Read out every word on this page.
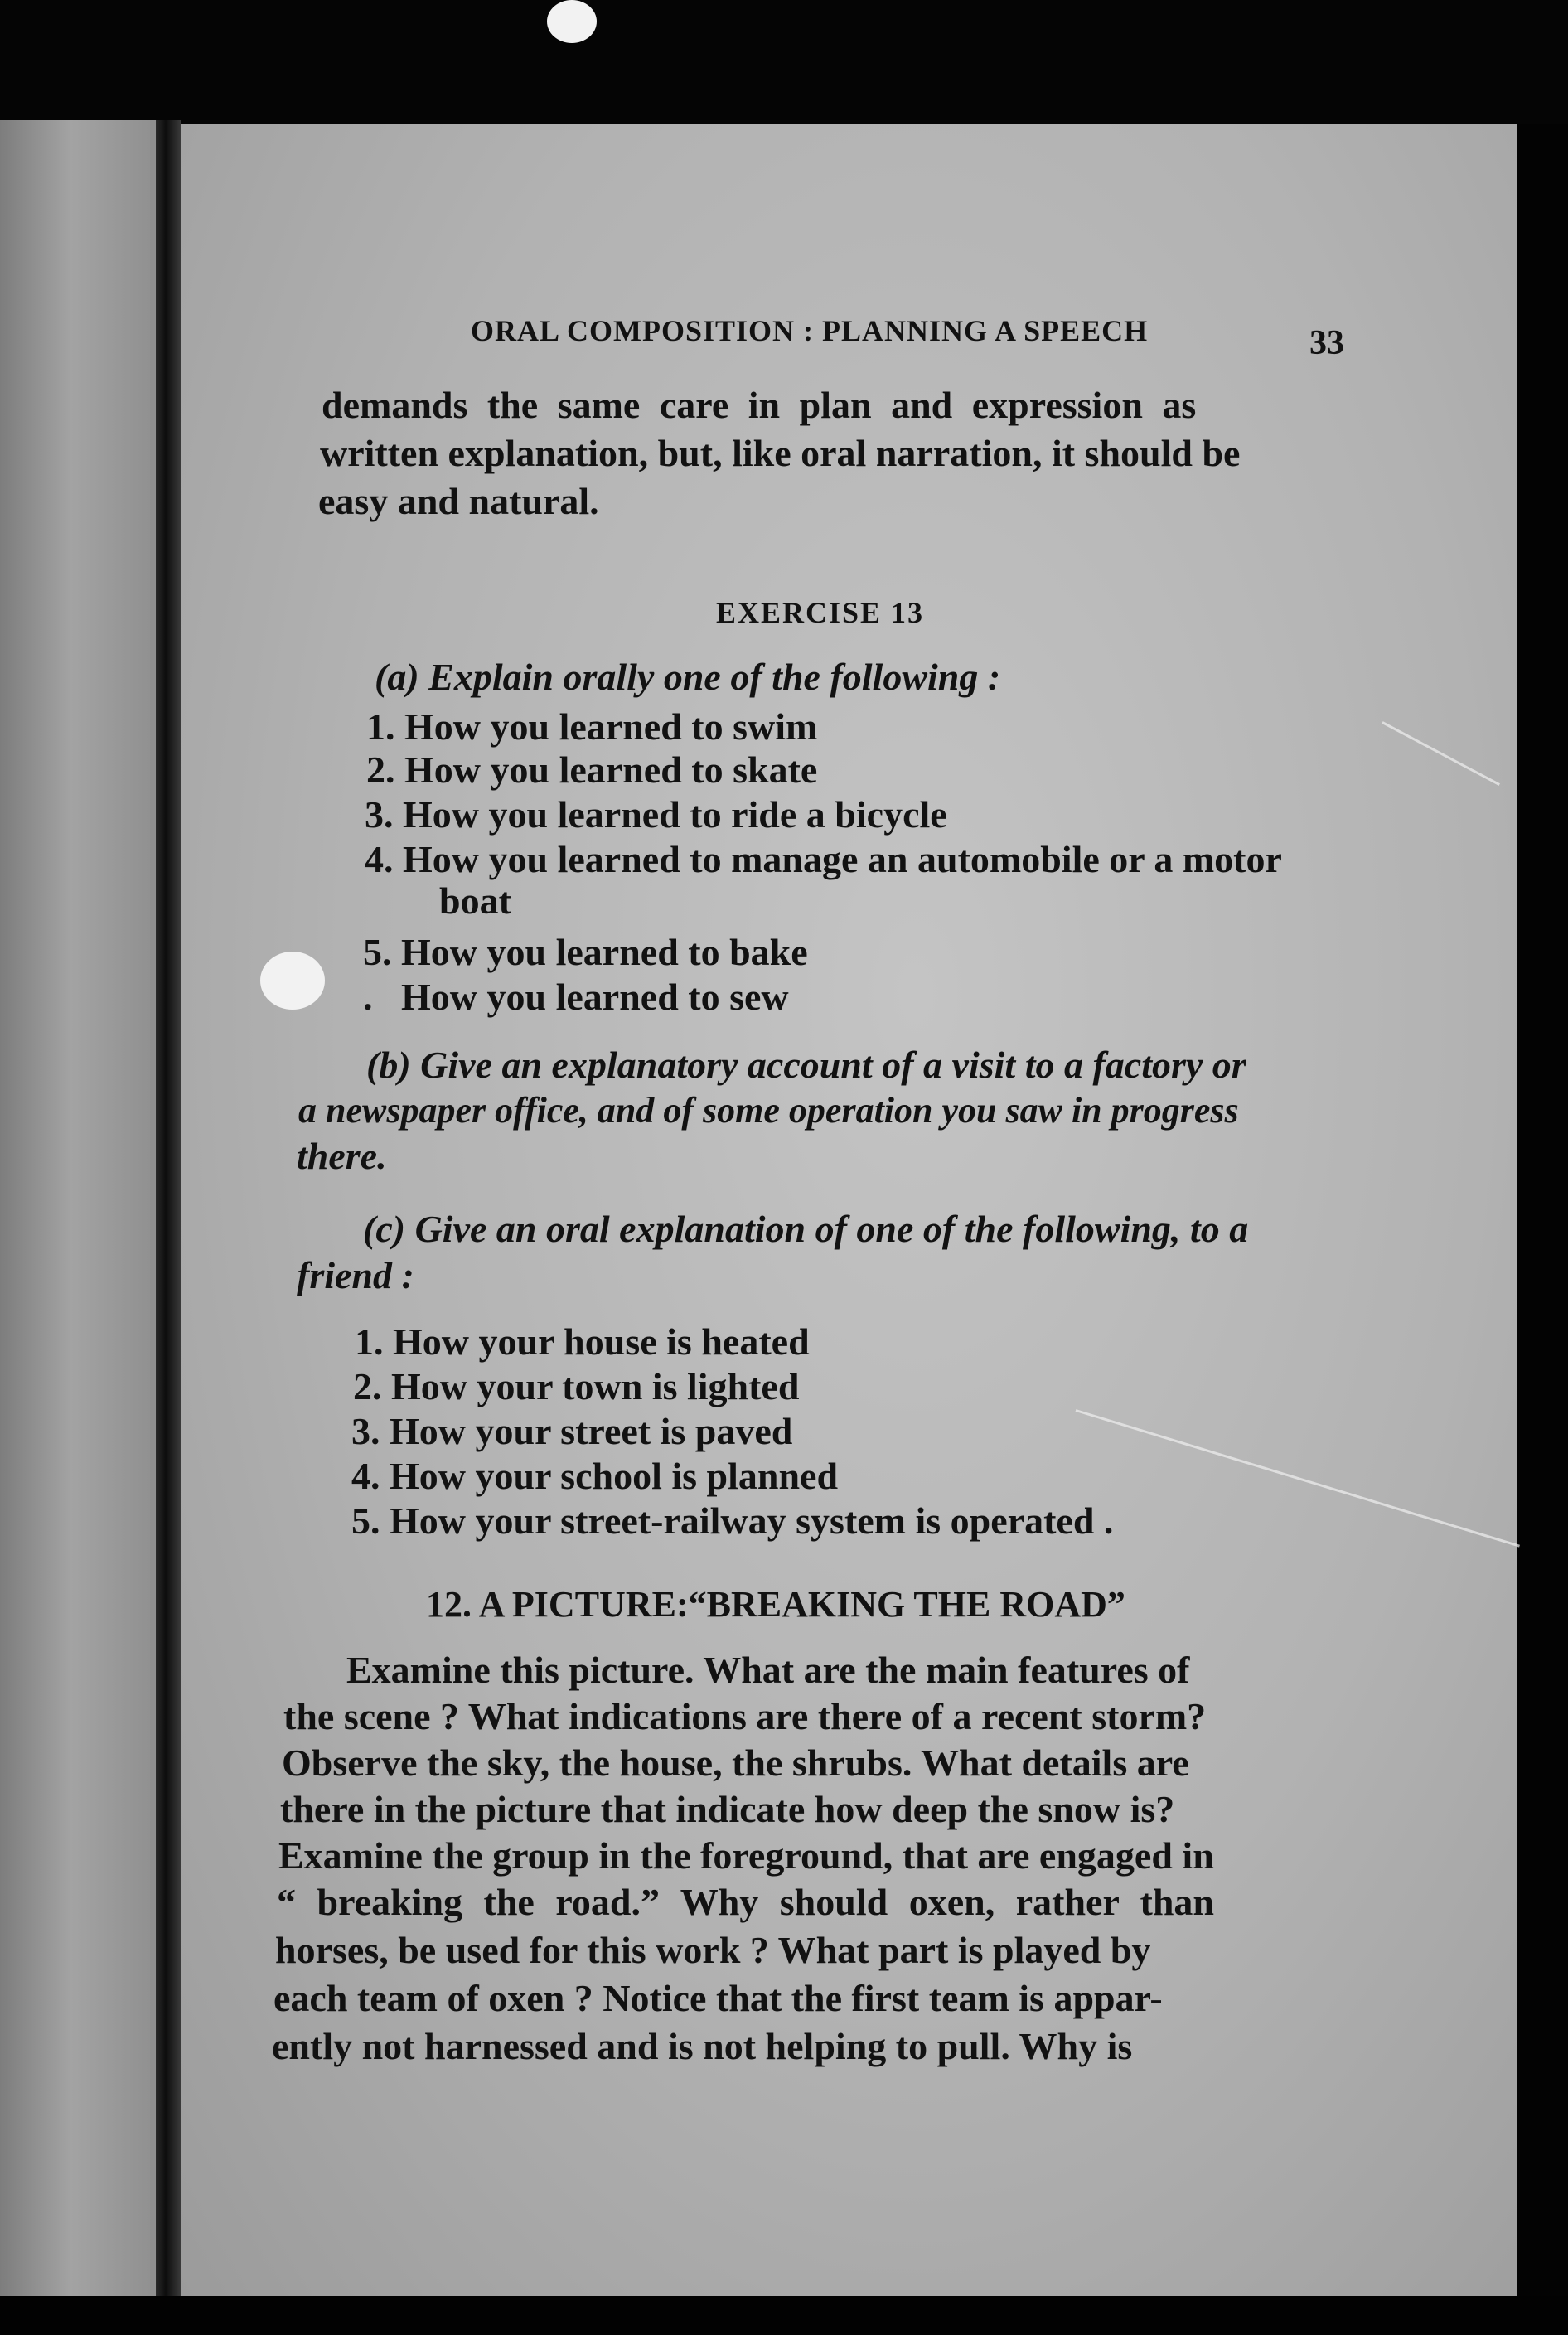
ORAL COMPOSITION : PLANNING A SPEECH	33
demands the same care in plan and expression as
written explanation, but, like oral narration, it should be
easy and natural.
EXERCISE 13
(a) Explain orally one of the following :
1. How you learned to swim
2. How you learned to skate
3. How you learned to ride a bicycle
4. How you learned to manage an automobile or a motor
boat
5. How you learned to bake
. How you learned to sew
(b) Give an explanatory account of a visit to a factory or
a newspaper office, and of some operation you saw in progress
there.
(c) Give an oral explanation of one of the following, to a
friend :
1. How your house is heated
2. How your town is lighted
3. How your street is paved
4. How your school is planned
5. How your street-railway system is operated .
12. A PICTURE:“BREAKING THE ROAD”
Examine this picture. What are the main features of
the scene ? What indications are there of a recent storm?
Observe the sky, the house, the shrubs. What details are
there in the picture that indicate how deep the snow is?
Examine the group in the foreground, that are engaged in
“ breaking the road.” Why should oxen, rather than
horses, be used for this work ? What part is played by
each team of oxen ? Notice that the first team is appar-
ently not harnessed and is not helping to pull. Why is
